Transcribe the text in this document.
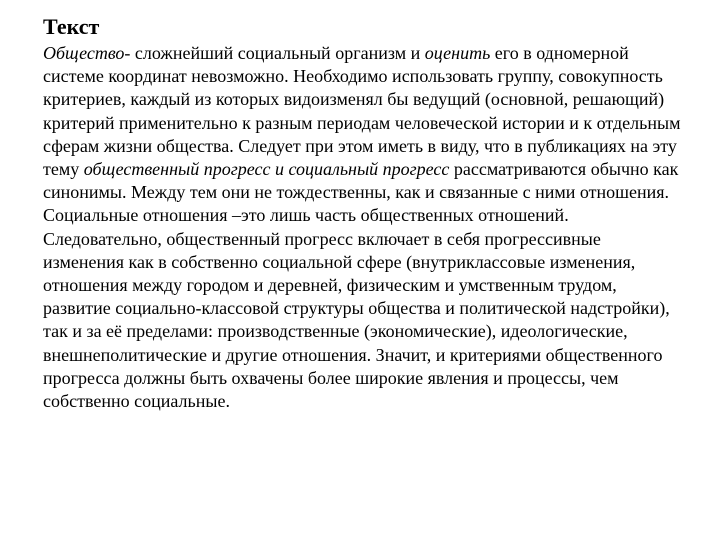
Текст

Общество- сложнейший социальный организм и оценить его в одномерной системе координат невозможно. Необходимо использовать группу, совокупность критериев, каждый из которых видоизменял бы ведущий (основной, решающий) критерий применительно к разным периодам человеческой истории и к отдельным сферам жизни общества. Следует при этом иметь в виду, что в публикациях на эту тему общественный прогресс и социальный прогресс рассматриваются обычно как синонимы. Между тем они не тождественны, как и связанные с ними отношения. Социальные отношения –это лишь часть общественных отношений. Следовательно, общественный прогресс включает в себя прогрессивные изменения как в собственно социальной сфере (внутриклассовые изменения, отношения между городом и деревней, физическим и умственным трудом, развитие социально-классовой структуры общества и политической надстройки), так и за её пределами: производственные (экономические), идеологические, внешнеполитические и другие отношения. Значит, и критериями общественного прогресса должны быть охвачены более широкие явления и процессы, чем собственно социальные.
